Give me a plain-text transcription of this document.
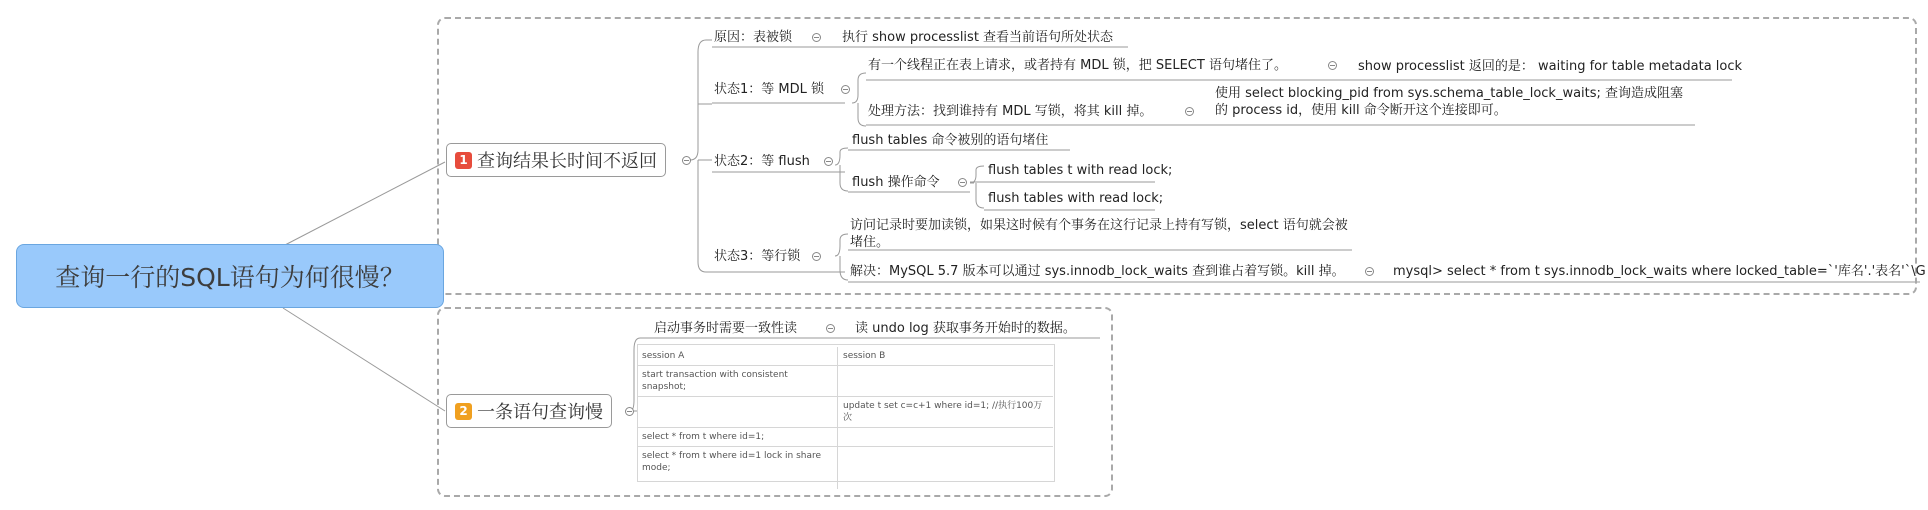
查询一行的SQL语句为何很慢？
1 查询结果长时间不返回
原因：表被锁	执行 show processlist 查看当前语句所处状态
状态1：等 MDL 锁
有一个线程正在表上请求，或者持有 MDL 锁，把 SELECT 语句堵住了。	show processlist 返回的是： waiting for table metadata lock
处理方法：找到谁持有 MDL 写锁，将其 kill 掉。
使用 select blocking_pid from sys.schema_table_lock_waits; 查询造成阻塞的 process id，使用 kill 命令断开这个连接即可。
状态2：等 flush
flush tables 命令被别的语句堵住
flush 操作命令
flush tables t with read lock;
flush tables with read lock;
状态3：等行锁
访问记录时要加读锁，如果这时候有个事务在这行记录上持有写锁，select 语句就会被堵住。
解决：MySQL 5.7 版本可以通过 sys.innodb_lock_waits 查到谁占着写锁。kill 掉。	mysql> select * from t sys.innodb_lock_waits where locked_table=`'库名'.'表名'`\G
2 一条语句查询慢
启动事务时需要一致性读	读 undo log 获取事务开始时的数据。
session A	session B
start transaction with consistent snapshot;	
	update t set c=c+1 where id=1; //执行100万次
select * from t where id=1;	
select * from t where id=1 lock in share mode;	
